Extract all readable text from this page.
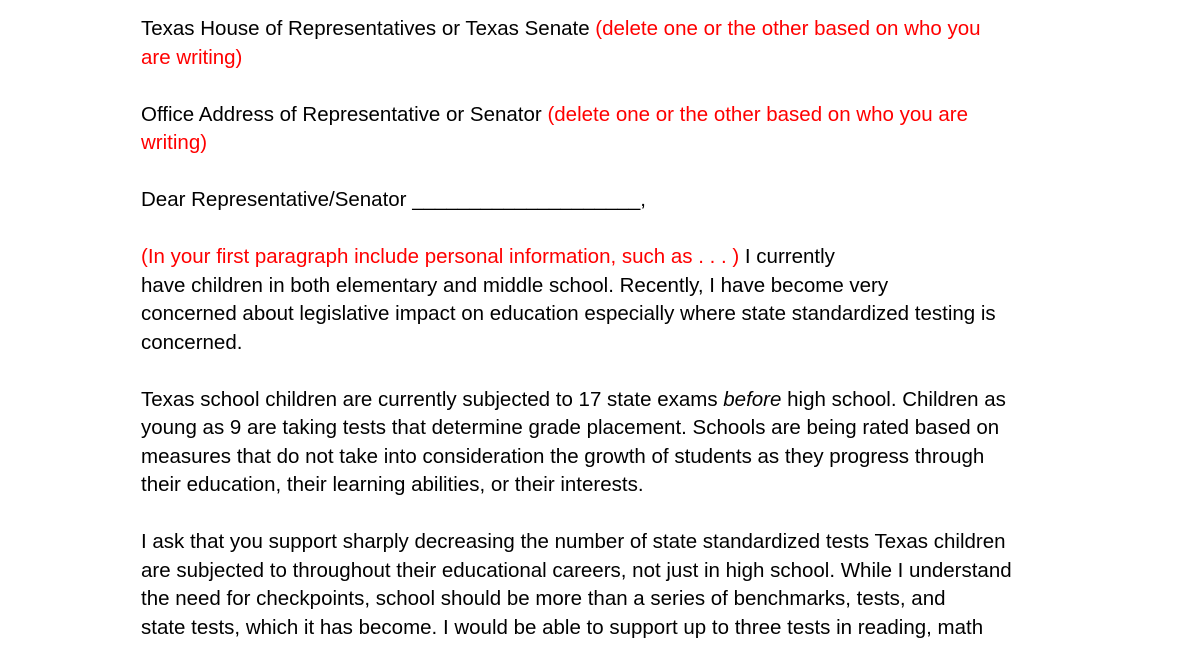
Texas House of Representatives or Texas Senate (delete one or the other based on who you
are writing)

Office Address of Representative or Senator (delete one or the other based on who you are
writing)

Dear Representative/Senator ____________________,

(In your first paragraph include personal information, such as . . . ) I currently
have children in both elementary and middle school. Recently, I have become very
concerned about legislative impact on education especially where state standardized testing is
concerned.

Texas school children are currently subjected to 17 state exams before high school. Children as
young as 9 are taking tests that determine grade placement. Schools are being rated based on
measures that do not take into consideration the growth of students as they progress through
their education, their learning abilities, or their interests.

I ask that you support sharply decreasing the number of state standardized tests Texas children
are subjected to throughout their educational careers, not just in high school. While I understand
the need for checkpoints, school should be more than a series of benchmarks, tests, and
state tests, which it has become. I would be able to support up to three tests in reading, math
